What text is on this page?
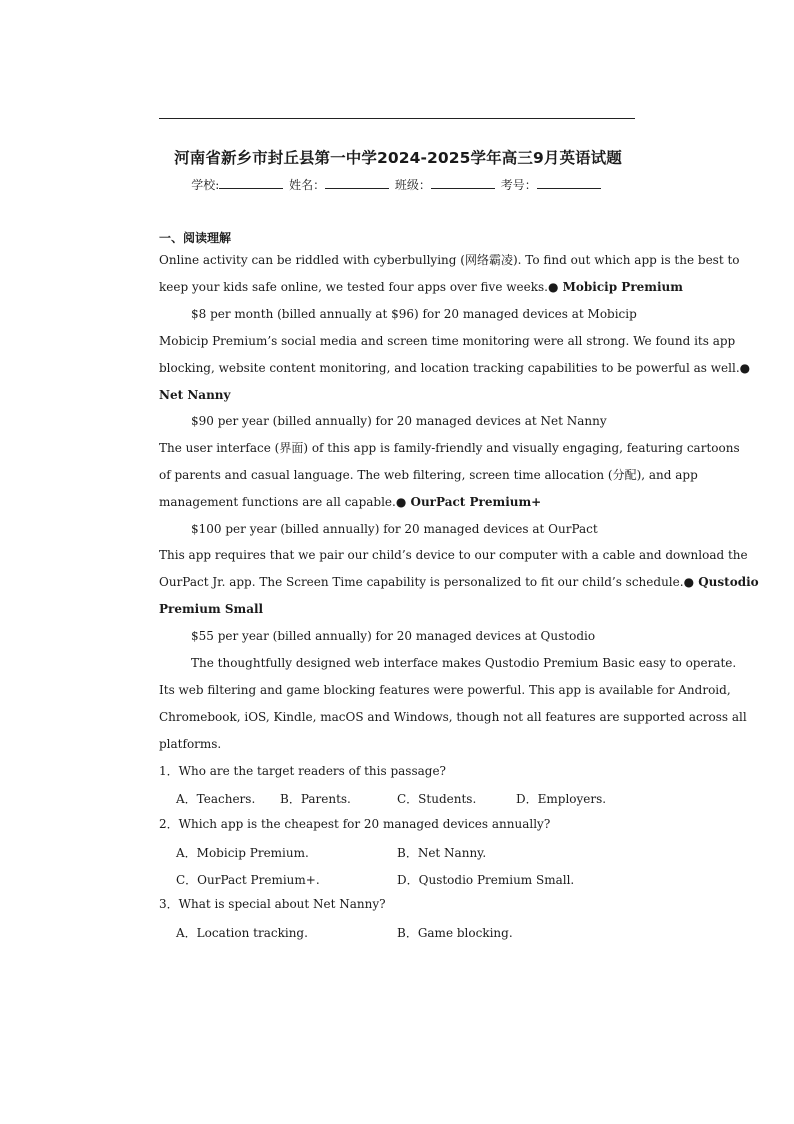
河南省新乡市封丘县第一中学2024-2025学年高三9月英语试题
学校:	姓名：	班级：	考号：
一、阅读理解
Online activity can be riddled with cyberbullying (网络霸凌). To find out which app is the best to
keep your kids safe online, we tested four apps over five weeks.● Mobicip Premium
$8 per month (billed annually at $96) for 20 managed devices at Mobicip
Mobicip Premium’s social media and screen time monitoring were all strong. We found its app
blocking, website content monitoring, and location tracking capabilities to be powerful as well.●
Net Nanny
$90 per year (billed annually) for 20 managed devices at Net Nanny
The user interface (界面) of this app is family-friendly and visually engaging, featuring cartoons
of parents and casual language. The web filtering, screen time allocation (分配), and app
management functions are all capable.● OurPact Premium+
$100 per year (billed annually) for 20 managed devices at OurPact
This app requires that we pair our child’s device to our computer with a cable and download the
OurPact Jr. app. The Screen Time capability is personalized to fit our child’s schedule.● Qustodio
Premium Small
$55 per year (billed annually) for 20 managed devices at Qustodio
The thoughtfully designed web interface makes Qustodio Premium Basic easy to operate.
Its web filtering and game blocking features were powerful. This app is available for Android,
Chromebook, iOS, Kindle, macOS and Windows, though not all features are supported across all
platforms.
1．Who are the target readers of this passage?
A．Teachers. B．Parents.	C．Students.	D．Employers.
2．Which app is the cheapest for 20 managed devices annually?
A．Mobicip Premium.	B．Net Nanny.
C．OurPact Premium+.	D．Qustodio Premium Small.
3．What is special about Net Nanny?
A．Location tracking.	B．Game blocking.
